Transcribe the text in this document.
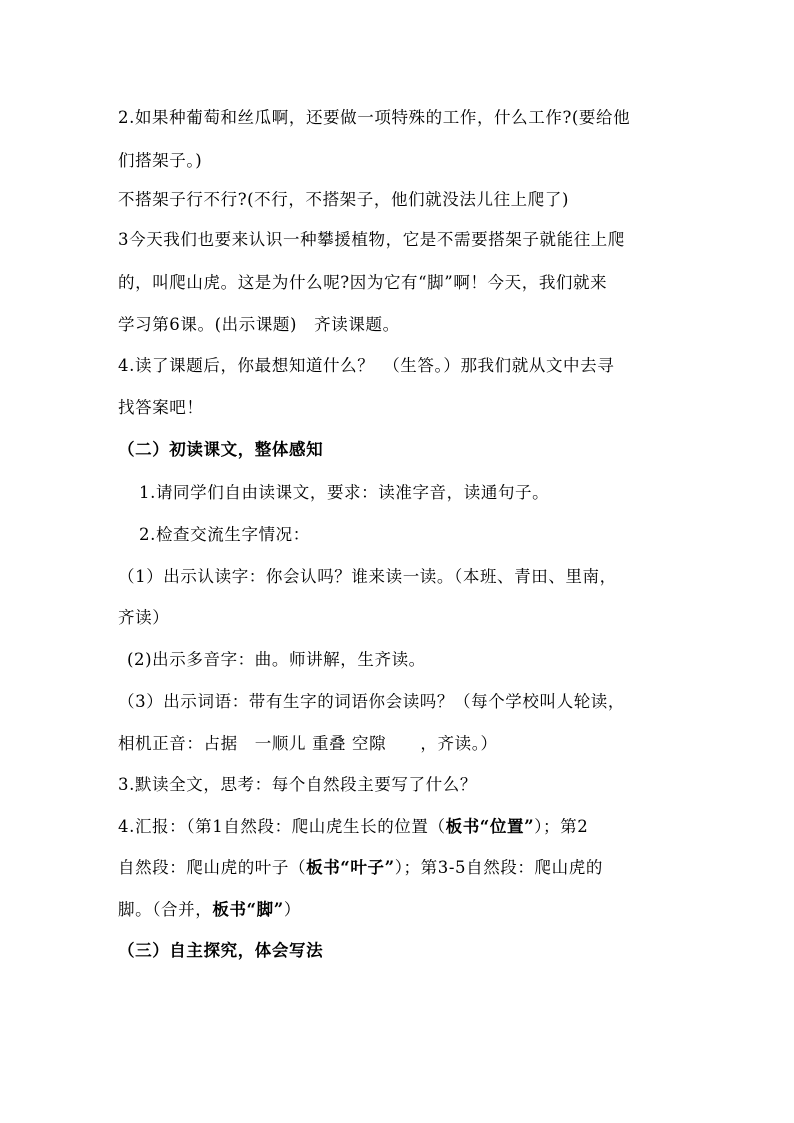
2.如果种葡萄和丝瓜啊，还要做一项特殊的工作，什么工作?(要给他
们搭架子。)
不搭架子行不行?(不行，不搭架子，他们就没法儿往上爬了)
3今天我们也要来认识一种攀援植物，它是不需要搭架子就能往上爬
的，叫爬山虎。这是为什么呢?因为它有“脚”啊！今天，我们就来
学习第6课。(出示课题)　齐读课题。
4.读了课题后，你最想知道什么？　（生答。）那我们就从文中去寻
找答案吧！
（二）初读课文，整体感知
1.请同学们自由读课文，要求：读准字音，读通句子。
2.检查交流生字情况：
（1）出示认读字：你会认吗？谁来读一读。（本班、青田、里南，
齐读）
(2)出示多音字：曲。师讲解，生齐读。
（3）出示词语：带有生字的词语你会读吗？（每个学校叫人轮读，
相机正音：占据　一顺儿 重叠 空隙　　，齐读。）
3.默读全文，思考：每个自然段主要写了什么？
4.汇报：（第1自然段：爬山虎生长的位置（板书“位置”）；第2
自然段：爬山虎的叶子（板书“叶子”）；第3-5自然段：爬山虎的
脚。（合并，板书“脚”）
（三）自主探究，体会写法
